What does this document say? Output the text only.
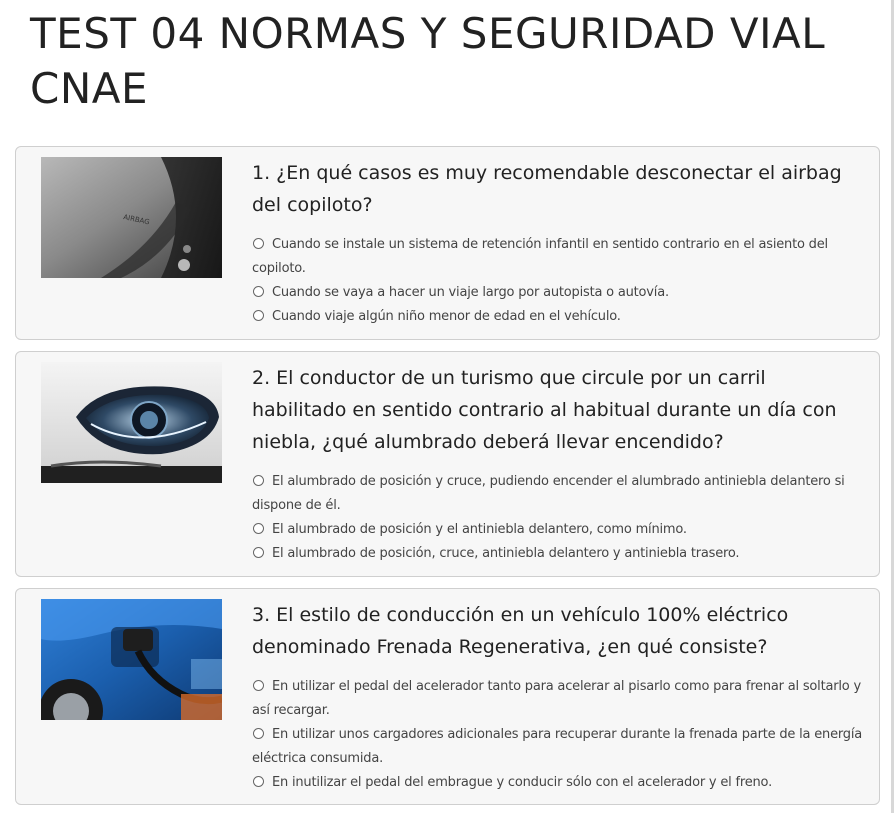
TEST 04 NORMAS Y SEGURIDAD VIAL CNAE
AIRBAG

1. ¿En qué casos es muy recomendable desconectar el airbag del copiloto?

Cuando se instale un sistema de retención infantil en sentido contrario en el asiento del copiloto.
Cuando se vaya a hacer un viaje largo por autopista o autovía.
Cuando viaje algún niño menor de edad en el vehículo.

2. El conductor de un turismo que circule por un carril habilitado en sentido contrario al habitual durante un día con niebla, ¿qué alumbrado deberá llevar encendido?

El alumbrado de posición y cruce, pudiendo encender el alumbrado antiniebla delantero si dispone de él.
El alumbrado de posición y el antiniebla delantero, como mínimo.
El alumbrado de posición, cruce, antiniebla delantero y antiniebla trasero.

3. El estilo de conducción en un vehículo 100% eléctrico denominado Frenada Regenerativa, ¿en qué consiste?

En utilizar el pedal del acelerador tanto para acelerar al pisarlo como para frenar al soltarlo y así recargar.
En utilizar unos cargadores adicionales para recuperar durante la frenada parte de la energía eléctrica consumida.
En inutilizar el pedal del embrague y conducir sólo con el acelerador y el freno.
